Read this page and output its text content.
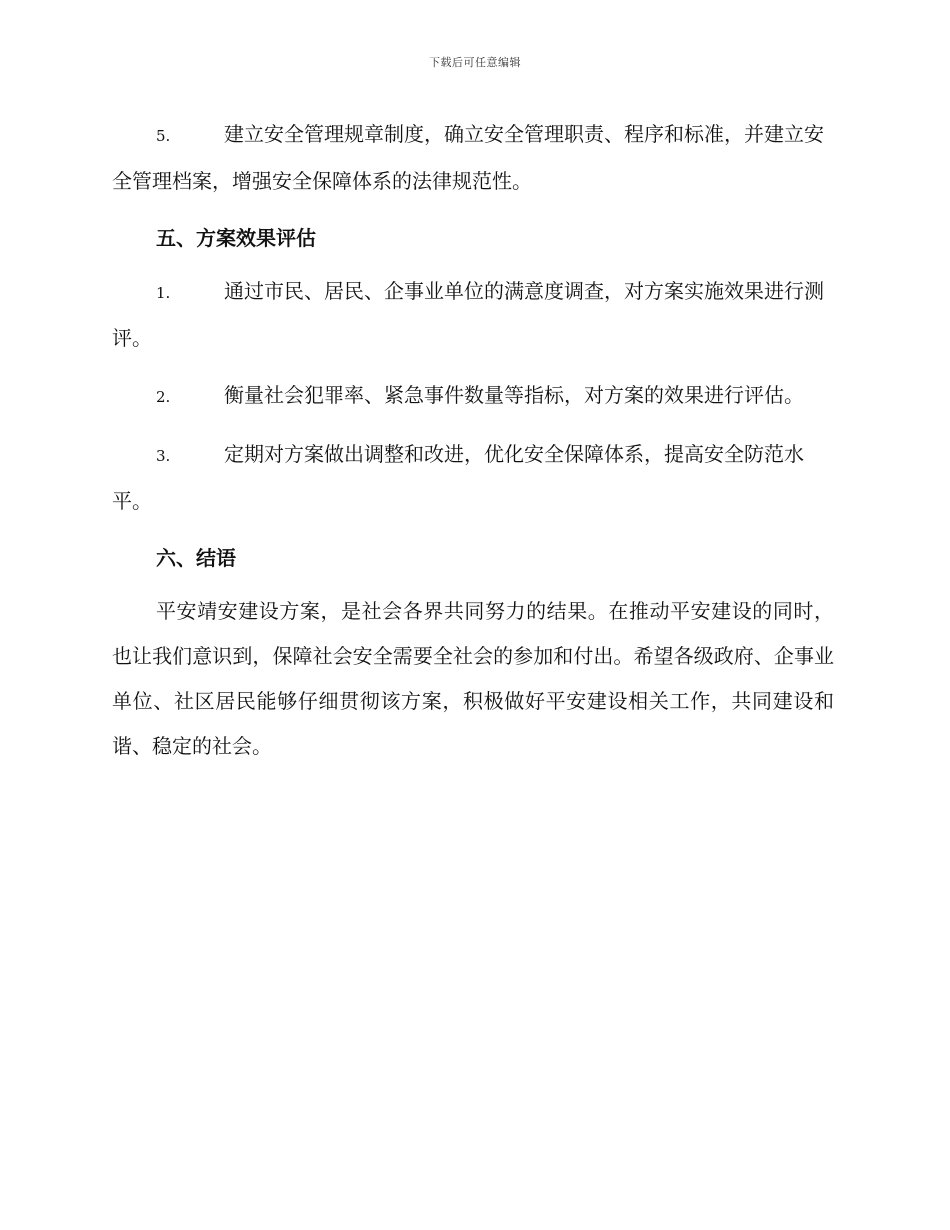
下载后可任意编辑
5.	建立安全管理规章制度，确立安全管理职责、程序和标准，并建立安全管理档案，增强安全保障体系的法律规范性。
五、方案效果评估
1.	通过市民、居民、企事业单位的满意度调查，对方案实施效果进行测评。
2.	衡量社会犯罪率、紧急事件数量等指标，对方案的效果进行评估。
3.	定期对方案做出调整和改进，优化安全保障体系，提高安全防范水平。
六、结语

平安靖安建设方案，是社会各界共同努力的结果。在推动平安建设的同时，也让我们意识到，保障社会安全需要全社会的参加和付出。希望各级政府、企事业单位、社区居民能够仔细贯彻该方案，积极做好平安建设相关工作，共同建设和谐、稳定的社会。
